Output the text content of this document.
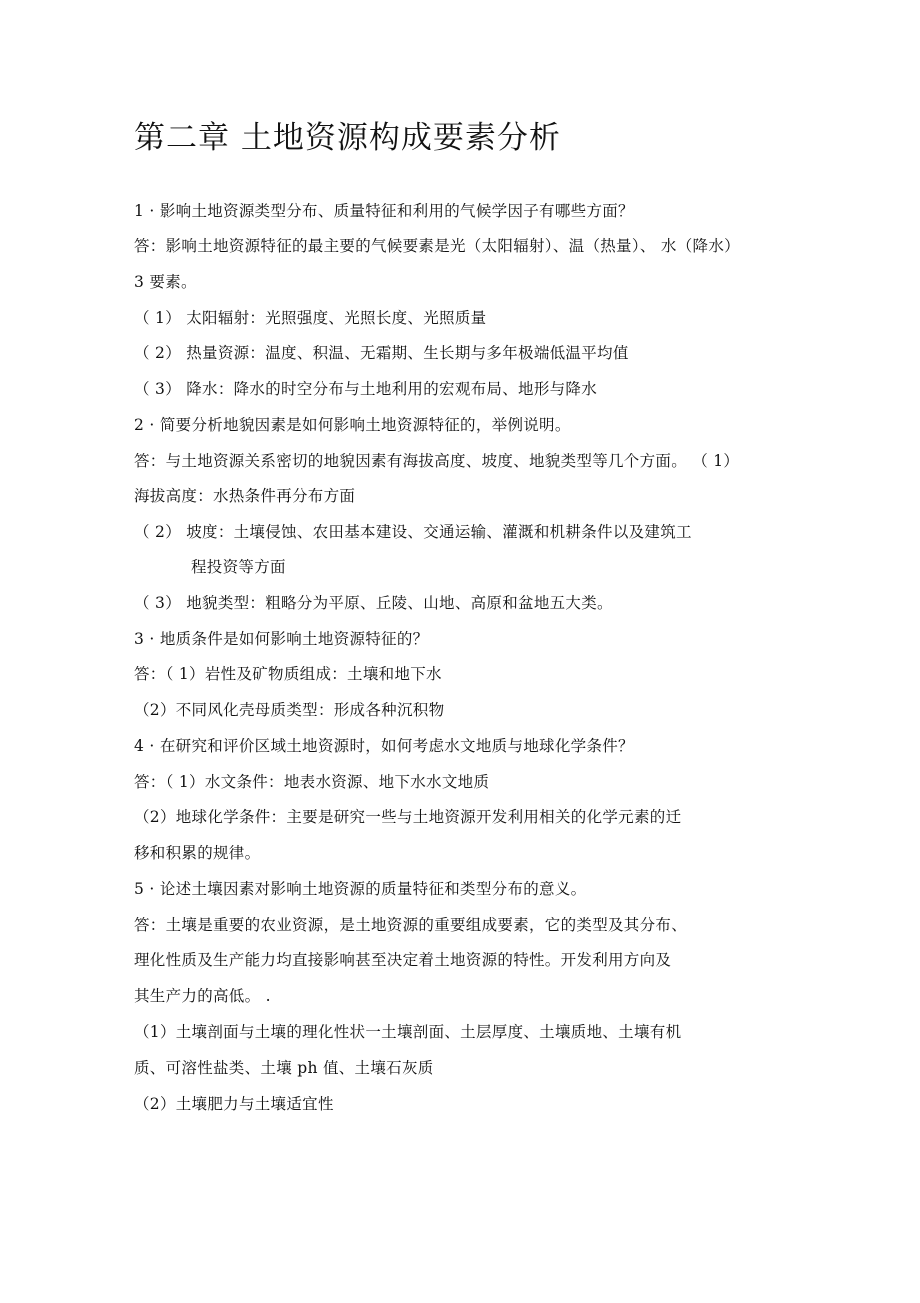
第二章 土地资源构成要素分析
1 · 影响土地资源类型分布、质量特征和利用的气候学因子有哪些方面？
答：影响土地资源特征的最主要的气候要素是光（太阳辐射）、温（热量）、 水（降水）
3 要素。
（ 1） 太阳辐射：光照强度、光照长度、光照质量
（ 2） 热量资源：温度、积温、无霜期、生长期与多年极端低温平均值
（ 3） 降水：降水的时空分布与土地利用的宏观布局、地形与降水
2 · 简要分析地貌因素是如何影响土地资源特征的，举例说明。
答：与土地资源关系密切的地貌因素有海拔高度、坡度、地貌类型等几个方面。 （ 1）
海拔高度：水热条件再分布方面
（ 2） 坡度：土壤侵蚀、农田基本建设、交通运输、灌溉和机耕条件以及建筑工
程投资等方面
（ 3） 地貌类型：粗略分为平原、丘陵、山地、高原和盆地五大类。
3 · 地质条件是如何影响土地资源特征的？
答：（ 1）岩性及矿物质组成：土壤和地下水
（2）不同风化壳母质类型：形成各种沉积物
4 · 在研究和评价区域土地资源时，如何考虑水文地质与地球化学条件？
答：（ 1）水文条件：地表水资源、地下水水文地质
（2）地球化学条件：主要是研究一些与土地资源开发利用相关的化学元素的迁
移和积累的规律。
5 · 论述土壤因素对影响土地资源的质量特征和类型分布的意义。
答：土壤是重要的农业资源，是土地资源的重要组成要素，它的类型及其分布、
理化性质及生产能力均直接影响甚至决定着土地资源的特性。开发利用方向及
其生产力的高低。 .
（1）土壤剖面与土壤的理化性状一土壤剖面、土层厚度、土壤质地、土壤有机
质、可溶性盐类、土壤 ph 值、土壤石灰质
（2）土壤肥力与土壤适宜性
